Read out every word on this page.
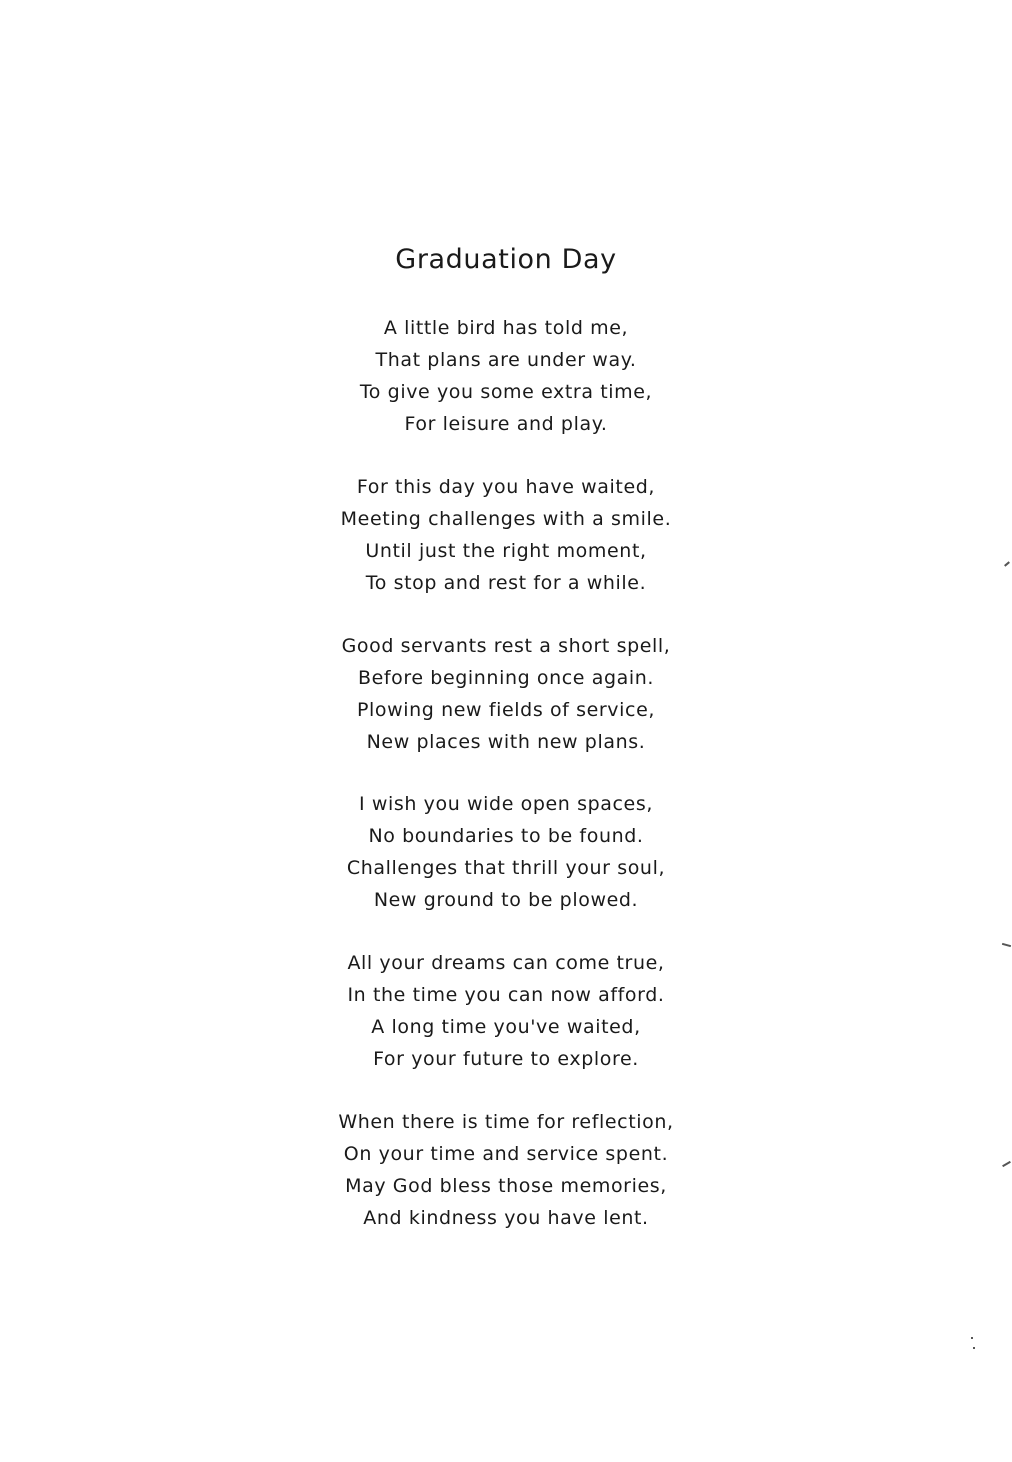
Graduation Day
A little bird has told me,
That plans are under way.
To give you some extra time,
For leisure and play.
For this day you have waited,
Meeting challenges with a smile.
Until just the right moment,
To stop and rest for a while.
Good servants rest a short spell,
Before beginning once again.
Plowing new fields of service,
New places with new plans.
I wish you wide open spaces,
No boundaries to be found.
Challenges that thrill your soul,
New ground to be plowed.
All your dreams can come true,
In the time you can now afford.
A long time you've waited,
For your future to explore.
When there is time for reflection,
On your time and service spent.
May God bless those memories,
And kindness you have lent.
